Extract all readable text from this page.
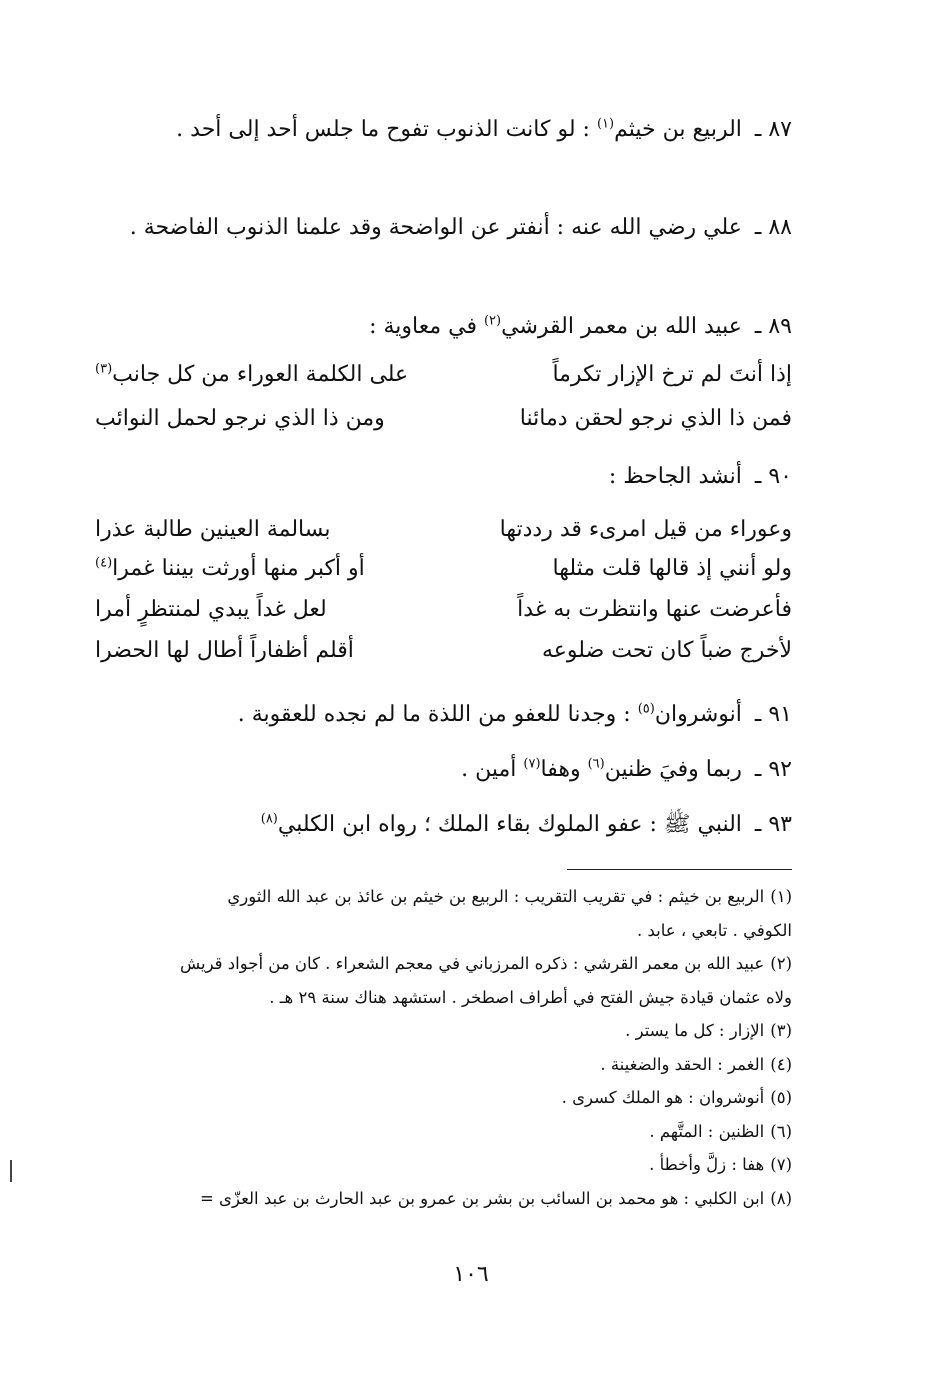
٨٧ ـ الربيع بن خيثم$^{(١)}$ : لو كانت الذنوب تفوح ما جلس أحد إلى أحد .
٨٨ ـ علي رضي الله عنه : أنفتر عن الواضحة وقد علمنا الذنوب الفاضحة .
٨٩ ـ عبيد الله بن معمر القرشي$^{(٢)}$ في معاوية :
إذا أنتَ لم ترخ الإزار تكرماً
على الكلمة العوراء من كل جانب$^{(٣)}$
فمن ذا الذي نرجو لحقن دمائنا
ومن ذا الذي نرجو لحمل النوائب
٩٠ ـ أنشد الجاحظ :
وعوراء من قيل امرىء قد رددتها
بسالمة العينين طالبة عذرا
ولو أنني إذ قالها قلت مثلها
أو أكبر منها أورثت بيننا غمرا$^{(٤)}$
فأعرضت عنها وانتظرت به غداً
لعل غداً يبدي لمنتظرٍ أمرا
لأخرج ضباً كان تحت ضلوعه
أقلم أظفاراً أطال لها الحضرا
٩١ ـ أنوشروان$^{(٥)}$ : وجدنا للعفو من اللذة ما لم نجده للعقوبة .
٩٢ ـ ربما وفيَ ظنين$^{(٦)}$ وهفا$^{(٧)}$ أمين .
٩٣ ـ النبي ﷺ : عفو الملوك بقاء الملك ؛ رواه ابن الكلبي$^{(٨)}$

(١)الربيع بن خيثم : في تقريب التقريب : الربيع بن خيثم بن عائذ بن عبد الله الثوري

الكوفي . تابعي ، عابد .

(٢)عبيد الله بن معمر القرشي : ذكره المرزباني في معجم الشعراء . كان من أجواد قريش

ولاه عثمان قيادة جيش الفتح في أطراف اصطخر . استشهد هناك سنة ٢٩ هـ .

(٣)الإزار : كل ما يستر .

(٤)الغمر : الحقد والضغينة .

(٥)أنوشروان : هو الملك كسرى .

(٦)الظنين : المتَّهم .

(٧)هفا : زلَّ وأخطأ .

(٨)ابن الكلبي : هو محمد بن السائب بن بشر بن عمرو بن عبد الحارث بن عبد العزّى =

١٠٦
